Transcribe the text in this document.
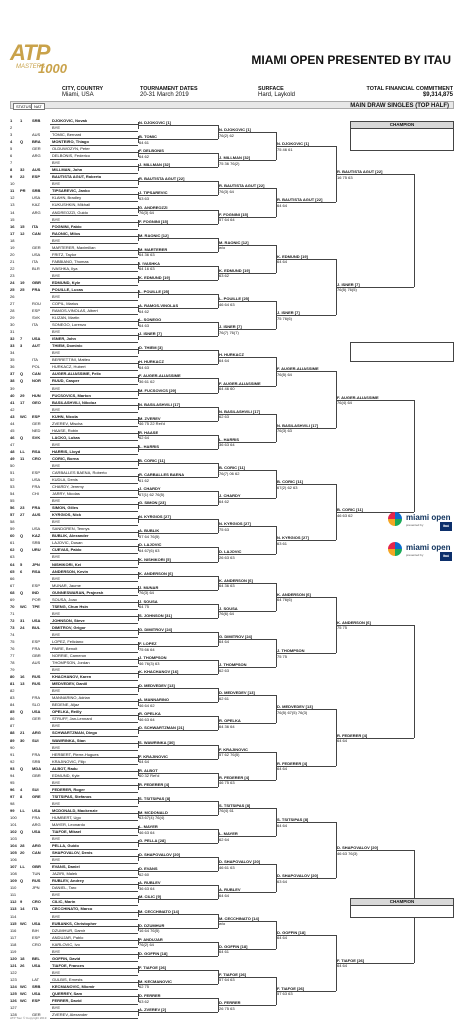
ATP
MASTERS
1000
MIAMI OPEN PRESENTED BY ITAU
CITY, COUNTRY
Miami, USA
TOURNAMENT DATES
20-31 March 2019
SURFACE
Hard, Laykold
TOTAL FINANCIAL COMMITMENT
$9,314,875
STATUS NAT	MAIN DRAW SINGLES (TOP HALF)
1 1 SRB	DJOKOVIC, Novak
2	BYE
3	AUS	TOMIC, Bernard
4 Q BRA	MONTEIRO, Thiago
5	GER	OLDUWOZYN, Peter
6	ARG	DELBONIS, Federico
7	BYE
8 32 AUS	MILLMAN, John
9 22 ESP	BAUTISTA AGUT, Roberto
10	BYE
11 PR SRB	TIPSAREVIC, Janko
12	USA	KLAHN, Bradley
13	KAZ	KUKUSHKIN, Mikhail
14	ARG	ANDREOZZI, Guido
15	BYE
16 15 ITA	FOGNINI, Fabio
17 12 CAN	RAONIC, Milos
18	BYE
19	GER	MARTERER, Maximilian
20	USA	FRITZ, Taylor
21	ITA	FABBIANO, Thomas
22	BLR	IVASHKA, Ilya
23	BYE
24 19 GBR	EDMUND, Kyle
25 25 FRA	POUILLE, Lucas
26	BYE
27	ROU	COPIL, Marius
28	ESP	RAMOS-VINOLAS, Albert
29	SVK	KLIZAN, Martin
30	ITA	SONEGO, Lorenzo
31	BYE
32 7 USA	ISNER, John
33 3 AUT	THIEM, Dominic
34	BYE
35	ITA	BERRETTINI, Matteo
36	POL	HURKACZ, Hubert
37 Q CAN	AUGER-ALIASSIME, Felix
38 Q NOR	RUUD, Casper
39	BYE
40 29 HUN	FUCSOVICS, Marton
41 17 GEO	BASILASHVILI, Nikoloz
42	BYE
43 WC ESP	KUHN, Nicola
44	GER	ZVEREV, Mischa
45	NED	HAASE, Robin
46 Q SVK	LACKO, Lukas
47	BYE
48 LL RSA	HARRIS, Lloyd
49 11 CRO	CORIC, Borna
50	BYE
51	ESP	CARBALLES BAENA, Roberto
52	USA	KUDLA, Denis
53	FRA	CHARDY, Jeremy
54	CHI	JARRY, Nicolas
55	BYE
56 23 FRA	SIMON, Gilles
57 27 AUS	KYRGIOS, Nick
58	BYE
59	USA	SANDGREN, Tennys
60 Q KAZ	BUBLIK, Alexander
61	SRB	LAJOVIC, Dusan
62 Q URU	CUEVAS, Pablo
63	BYE
64 5 JPN	NISHIKORI, Kei
65 6 RSA	ANDERSON, Kevin
66	BYE
67	ESP	MUNAR, Jaume
68 Q IND	GUNNESWARAN, Prajnesh
69	POR	SOUSA, Joao
70 WC TPE	TSENG, Chun Hsin
71	BYE
72 31 USA	JOHNSON, Steve
73 24 BUL	DIMITROV, Grigor
74	BYE
75	ESP	LOPEZ, Feliciano
76	FRA	PAIRE, Benoit
77	GBR	NORRIE, Cameron
78	AUS	THOMPSON, Jordan
79	BYE
80 16 RUS	KHACHANOV, Karen
81 13 RUS	MEDVEDEV, Daniil
82	BYE
83	FRA	MANNARINO, Adrian
84	SLO	BEDENE, Aljaz
85 Q USA	OPELKA, Reilly
86	GER	STRUFF, Jan-Lennard
87	BYE
88 21 ARG	SCHWARTZMAN, Diego
89 30 SUI	WAWRINKA, Stan
90	BYE
91	FRA	HERBERT, Pierre-Hugues
92	SRB	KRAJINOVIC, Filip
93 Q MDA	ALBOT, Radu
94	GBR	EDMUND, Kyle
95	BYE
96 4 SUI	FEDERER, Roger
97 8 GRE	TSITSIPAS, Stefanos
98	BYE
99 LL USA	MCDONALD, Mackenzie
100	FRA	HUMBERT, Ugo
101	ARG	MAYER, Leonardo
102 Q USA	TIAFOE, Mikael
103	BYE
104 28 ARG	PELLA, Guido
105 20 CAN	SHAPOVALOV, Denis
106	BYE
107 LL GBR	EVANS, Daniel
108	TUN	JAZIRI, Malek
109 Q RUS	RUBLEV, Andrey
110	JPN	DANIEL, Taro
111	BYE
112 9 CRO	CILIC, Marin
113 14 ITA	CECCHINATO, Marco
114	BYE
115 WC USA	EUBANKS, Christopher
116	BIH	DZUMHUR, Damir
117	ESP	ANDUJAR, Pablo
118	CRO	KARLOVIC, Ivo
119	BYE
120 18 BEL	GOFFIN, David
121 26 USA	TIAFOE, Frances
122	BYE
123	LAT	GULBIS, Ernests
124 WC SRB	KECMANOVIC, Miomir
125 WC USA	QUERREY, Sam
126 WC ESP	FERRER, David
127	BYE
128	GER	ZVEREV, Alexander
N. DJOKOVIC [1]
B. TOMIC
64 61
F. DELBONIS
64 62
J. MILLMAN [32]
R. BAUTISTA AGUT [22]
J. TIPSAREVIC
63 63
G. ANDREOZZI
76(3) 64
F. FOGNINI [15]
M. RAONIC [12]
M. MARTERER
64 36 63
I. IVASHKA
64 16 63
K. EDMUND [19]
L. POUILLE [25]
A. RAMOS-VINOLAS
64 62
L. SONEGO
64 63
J. ISNER [7]
D. THIEM [3]
H. HURKACZ
64 63
F. AUGER-ALIASSIME
36 61 62
M. FUCSOVICS [29]
N. BASILASHVILI [17]
M. ZVEREV
46 75 22 Ret'd
R. HAASE
62 64
L. HARRIS
B. CORIC [11]
R. CARBALLES BAENA
61 62
J. CHARDY
67(1) 62 76(5)
G. SIMON [23]
N. KYRGIOS [27]
A. BUBLIK
57 64 76(5)
D. LAJOVIC
64 67(6) 63
K. NISHIKORI [5]
K. ANDERSON [6]
J. MUNAR
76(3) 64
J. SOUSA
64 75
S. JOHNSON [31]
G. DIMITROV [24]
F. LOPEZ
75 66 64
J. THOMPSON
46 76(3) 63
K. KHACHANOV [16]
D. MEDVEDEV [13]
A. MANNARINO
46 64 62
R. OPELKA
46 63 64
D. SCHWARTZMAN [21]
S. WAWRINKA [30]
F. KRAJINOVIC
64 64
R. ALBOT
60 32 Ret'd
R. FEDERER [4]
S. TSITSIPAS [8]
M. MCDONALD
63 67(4) 76(4)
L. MAYER
46 63 64
G. PELLA [28]
D. SHAPOVALOV [20]
D. EVANS
62 60
A. RUBLEV
36 63 64
M. CILIC [9]
M. CECCHINATO [14]
D. DZUMHUR
16 64 76(5)
P. ANDUJAR
76(2) 64
D. GOFFIN [18]
F. TIAFOE [26]
M. KECMANOVIC
62 75
D. FERRER
63 62
A. ZVEREV [2]
N. DJOKOVIC [1]
76(2) 62
J. MILLMAN [32]
75 36 76(2)
R. BAUTISTA AGUT [22]
76(3) 64
F. FOGNINI [15]
57 64 64
M. RAONIC [12]
w/o
K. EDMUND [19]
63 62
L. POUILLE [25]
46 64 63
J. ISNER [7]
76(7) 76(7)
H. HURKACZ
64 64
F. AUGER-ALIASSIME
64 46 60
N. BASILASHVILI [17]
62 63
L. HARRIS
36 63 64
B. CORIC [11]
76(7) 06 62
J. CHARDY
64 62
N. KYRGIOS [27]
75 63
D. LAJOVIC
26 63 63
K. ANDERSON [6]
64 36 63
J. SOUSA
76(6) 64
G. DIMITROV [24]
64 64
J. THOMPSON
62 63
D. MEDVEDEV [13]
62 61
R. OPELKA
64 36 64
F. KRAJINOVIC
57 62 76(5)
R. FEDERER [4]
46 75 63
S. TSITSIPAS [8]
76(4) 61
L. MAYER
62 64
D. SHAPOVALOV [20]
46 61 63
A. RUBLEV
64 64
M. CECCHINATO [14]
w/o
D. GOFFIN [18]
64 61
F. TIAFOE [26]
57 64 63
D. FERRER
26 75 63
N. DJOKOVIC [1]
75 46 61
R. BAUTISTA AGUT [22]
64 64
K. EDMUND [19]
64 64
J. ISNER [7]
75 76(6)
F. AUGER-ALIASSIME
76(5) 64
N. BASILASHVILI [17]
76(3) 63
B. CORIC [11]
67(2) 62 63
N. KYRGIOS [27]
63 61
K. ANDERSON [6]
64 76(6)
J. THOMPSON
75 75
D. MEDVEDEV [13]
76(5) 67(5) 76(3)
R. FEDERER [4]
64 64
S. TSITSIPAS [8]
64 64
D. SHAPOVALOV [20]
63 64
D. GOFFIN [18]
64 64
F. TIAFOE [26]
57 63 63
R. BAUTISTA AGUT [22]
16 75 63
J. ISNER [7]
76(5) 76(5)
F. AUGER-ALIASSIME
76(4) 64
B. CORIC [11]
46 63 62
K. ANDERSON [6]
75 75
R. FEDERER [4]
64 64
D. SHAPOVALOV [20]
46 63 76(3)
F. TIAFOE [26]
64 64
CHAMPION
CHAMPION
miami open
presented by	itaú
miami open
presented by	itaú
ATP Tour © Copyright 2019
